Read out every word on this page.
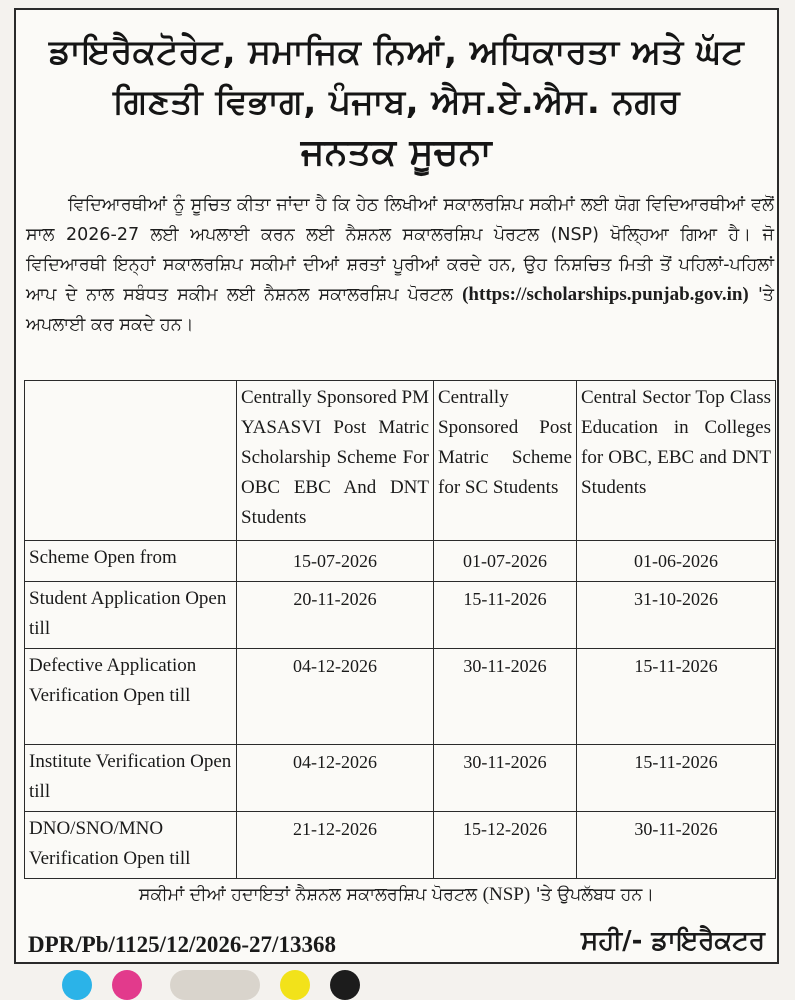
ਡਾਇਰੈਕਟੋਰੇਟ, ਸਮਾਜਿਕ ਨਿਆਂ, ਅਧਿਕਾਰਤਾ ਅਤੇ ਘੱਟ
ਗਿਣਤੀ ਵਿਭਾਗ, ਪੰਜਾਬ, ਐਸ.ਏ.ਐਸ. ਨਗਰ
ਜਨਤਕ ਸੂਚਨਾ
ਵਿਦਿਆਰਥੀਆਂ ਨੂੰ ਸੂਚਿਤ ਕੀਤਾ ਜਾਂਦਾ ਹੈ ਕਿ ਹੇਠ ਲਿਖੀਆਂ ਸਕਾਲਰਸ਼ਿਪ ਸਕੀਮਾਂ ਲਈ ਯੋਗ ਵਿਦਿਆਰਥੀਆਂ ਵਲੋਂ ਸਾਲ 2026-27 ਲਈ ਅਪਲਾਈ ਕਰਨ ਲਈ ਨੈਸ਼ਨਲ ਸਕਾਲਰਸ਼ਿਪ ਪੋਰਟਲ (NSP) ਖੋਲ੍ਹਿਆ ਗਿਆ ਹੈ। ਜੋ ਵਿਦਿਆਰਥੀ ਇਨ੍ਹਾਂ ਸਕਾਲਰਸ਼ਿਪ ਸਕੀਮਾਂ ਦੀਆਂ ਸ਼ਰਤਾਂ ਪੂਰੀਆਂ ਕਰਦੇ ਹਨ, ਉਹ ਨਿਸ਼ਚਿਤ ਮਿਤੀ ਤੋਂ ਪਹਿਲਾਂ-ਪਹਿਲਾਂ ਆਪ ਦੇ ਨਾਲ ਸਬੰਧਤ ਸਕੀਮ ਲਈ ਨੈਸ਼ਨਲ ਸਕਾਲਰਸ਼ਿਪ ਪੋਰਟਲ (https://scholarships.punjab.gov.in) 'ਤੇ ਅਪਲਾਈ ਕਰ ਸਕਦੇ ਹਨ।
	Centrally Sponsored PM YASASVI Post Matric Scholarship Scheme For OBC EBC And DNT Students	Centrally Sponsored Post Matric Scheme for SC Students	Central Sector Top Class Education in Colleges for OBC, EBC and DNT Students
Scheme Open from	15-07-2026	01-07-2026	01-06-2026
Student Application Open till	20-11-2026	15-11-2026	31-10-2026
Defective Application Verification Open till	04-12-2026	30-11-2026	15-11-2026
Institute Verification Open till	04-12-2026	30-11-2026	15-11-2026
DNO/SNO/MNO Verification Open till	21-12-2026	15-12-2026	30-11-2026
ਸਕੀਮਾਂ ਦੀਆਂ ਹਦਾਇਤਾਂ ਨੈਸ਼ਨਲ ਸਕਾਲਰਸ਼ਿਪ ਪੋਰਟਲ (NSP) 'ਤੇ ਉਪਲੱਬਧ ਹਨ।
DPR/Pb/1125/12/2026-27/13368	ਸਹੀ/- ਡਾਇਰੈਕਟਰ
